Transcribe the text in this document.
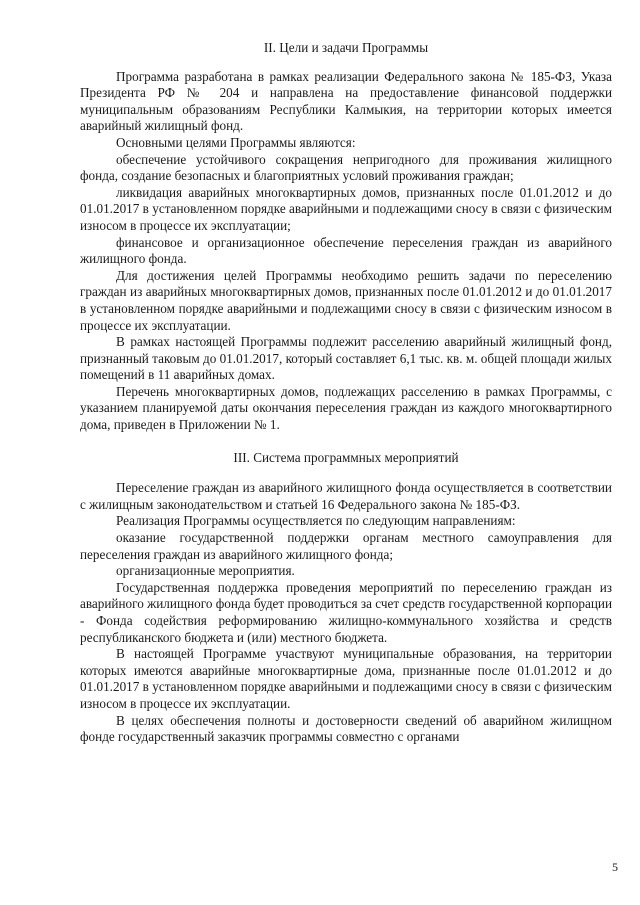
II. Цели и задачи Программы

Программа разработана в рамках реализации Федерального закона № 185-ФЗ, Указа Президента РФ № 204 и направлена на предоставление финансовой поддержки муниципальным образованиям Республики Калмыкия, на территории которых имеется аварийный жилищный фонд.

Основными целями Программы являются:

обеспечение устойчивого сокращения непригодного для проживания жилищного фонда, создание безопасных и благоприятных условий проживания граждан;

ликвидация аварийных многоквартирных домов, признанных после 01.01.2012 и до 01.01.2017 в установленном порядке аварийными и подлежащими сносу в связи с физическим износом в процессе их эксплуатации;

финансовое и организационное обеспечение переселения граждан из аварийного жилищного фонда.

Для достижения целей Программы необходимо решить задачи по переселению граждан из аварийных многоквартирных домов, признанных после 01.01.2012 и до 01.01.2017 в установленном порядке аварийными и подлежащими сносу в связи с физическим износом в процессе их эксплуатации.

В рамках настоящей Программы подлежит расселению аварийный жилищный фонд, признанный таковым до 01.01.2017, который составляет 6,1 тыс. кв. м. общей площади жилых помещений в 11 аварийных домах.

Перечень многоквартирных домов, подлежащих расселению в рамках Программы, с указанием планируемой даты окончания переселения граждан из каждого многоквартирного дома, приведен в Приложении № 1.

III. Система программных мероприятий

Переселение граждан из аварийного жилищного фонда осуществляется в соответствии с жилищным законодательством и статьей 16 Федерального закона № 185-ФЗ.

Реализация Программы осуществляется по следующим направлениям:

оказание государственной поддержки органам местного самоуправления для переселения граждан из аварийного жилищного фонда;

организационные мероприятия.

Государственная поддержка проведения мероприятий по переселению граждан из аварийного жилищного фонда будет проводиться за счет средств государственной корпорации - Фонда содействия реформированию жилищно-коммунального хозяйства и средств республиканского бюджета и (или) местного бюджета.

В настоящей Программе участвуют муниципальные образования, на территории которых имеются аварийные многоквартирные дома, признанные после 01.01.2012 и до 01.01.2017 в установленном порядке аварийными и подлежащими сносу в связи с физическим износом в процессе их эксплуатации.

В целях обеспечения полноты и достоверности сведений об аварийном жилищном фонде государственный заказчик программы совместно с органами

5
